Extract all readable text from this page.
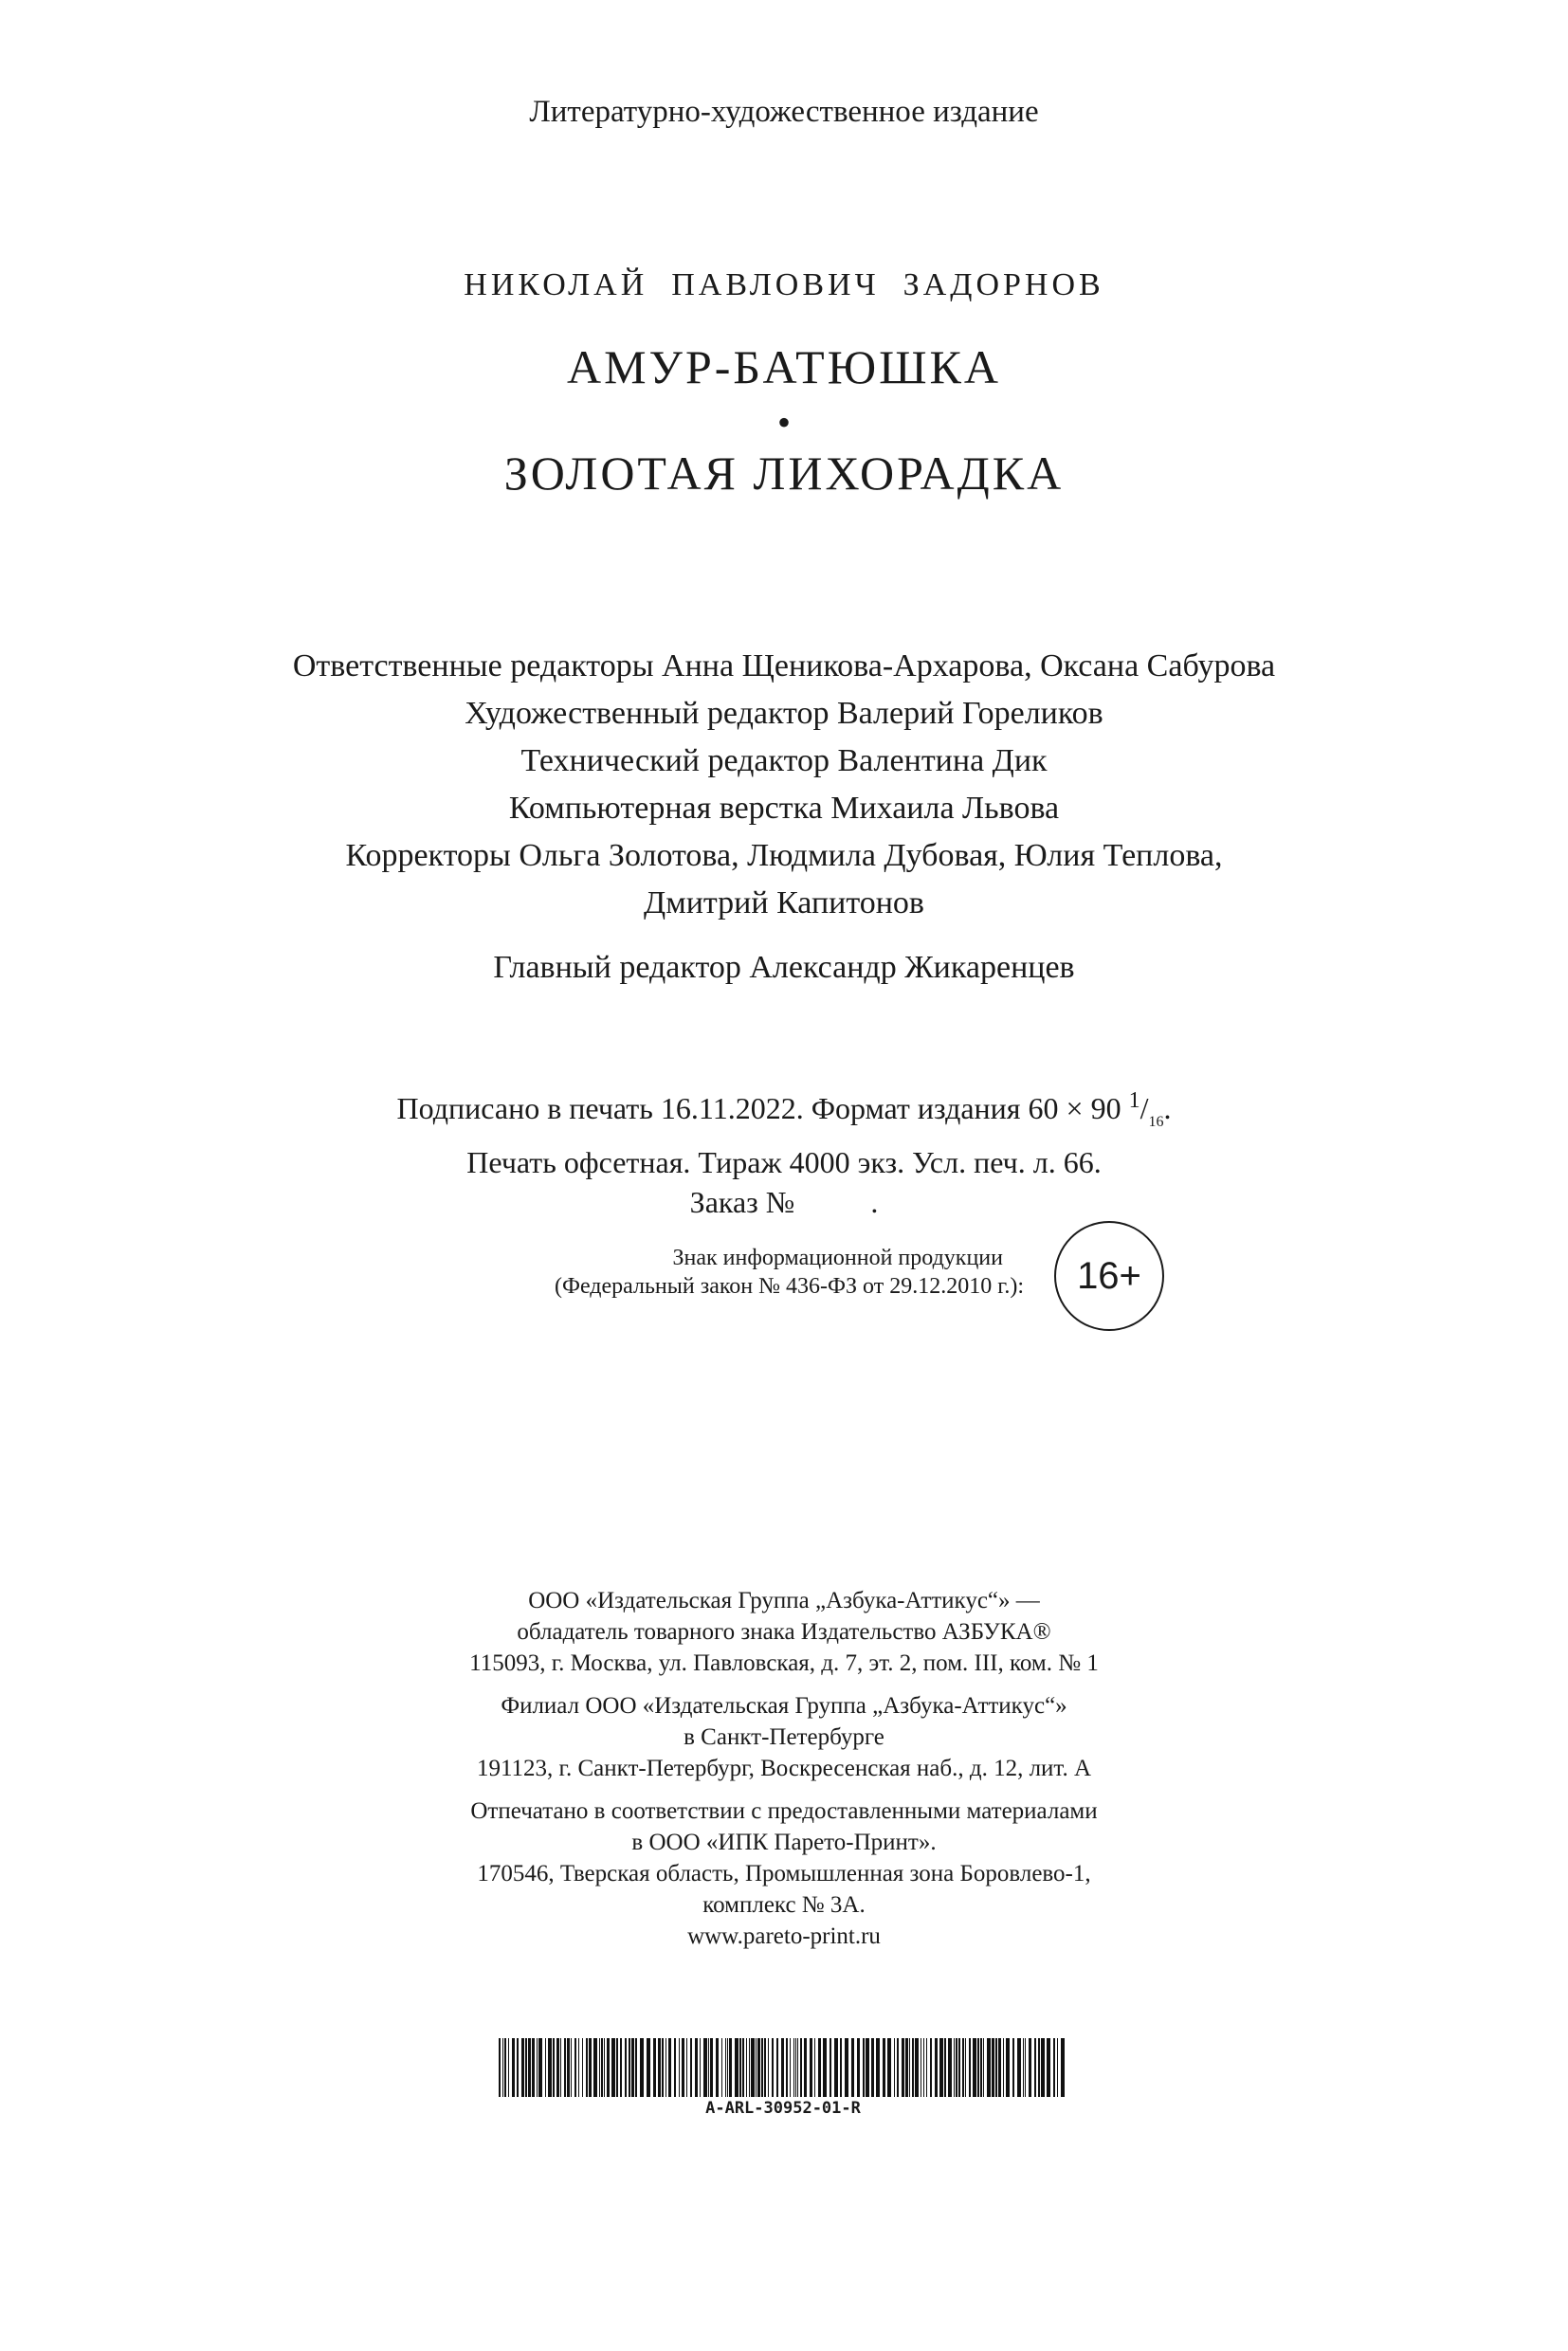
Литературно-художественное издание
НИКОЛАЙ  ПАВЛОВИЧ  ЗАДОРНОВ
АМУР-БАТЮШКА
•
ЗОЛОТАЯ ЛИХОРАДКА
Ответственные редакторы Анна Щеникова-Архарова, Оксана Сабурова
Художественный редактор Валерий Гореликов
Технический редактор Валентина Дик
Компьютерная верстка Михаила Львова
Корректоры Ольга Золотова, Людмила Дубовая, Юлия Теплова,
Дмитрий Капитонов
Главный редактор Александр Жикаренцев
Подписано в печать 16.11.2022. Формат издания 60 × 90 $^1/_{16}$.
Печать офсетная. Тираж 4000 экз. Усл. печ. л. 66.
Заказ №	.
Знак информационной продукции
(Федеральный закон № 436-ФЗ от 29.12.2010 г.): 16+
ООО «Издательская Группа „Азбука-Аттикус“» —
обладатель товарного знака Издательство АЗБУКА®
115093, г. Москва, ул. Павловская, д. 7, эт. 2, пом. III, ком. № 1
Филиал ООО «Издательская Группа „Азбука-Аттикус“»
в Санкт-Петербурге
191123, г. Санкт-Петербург, Воскресенская наб., д. 12, лит. А
Отпечатано в соответствии с предоставленными материалами
в ООО «ИПК Парето-Принт».
170546, Тверская область, Промышленная зона Боровлево-1,
комплекс № 3А.
www.pareto-print.ru
A-ARL-30952-01-R
